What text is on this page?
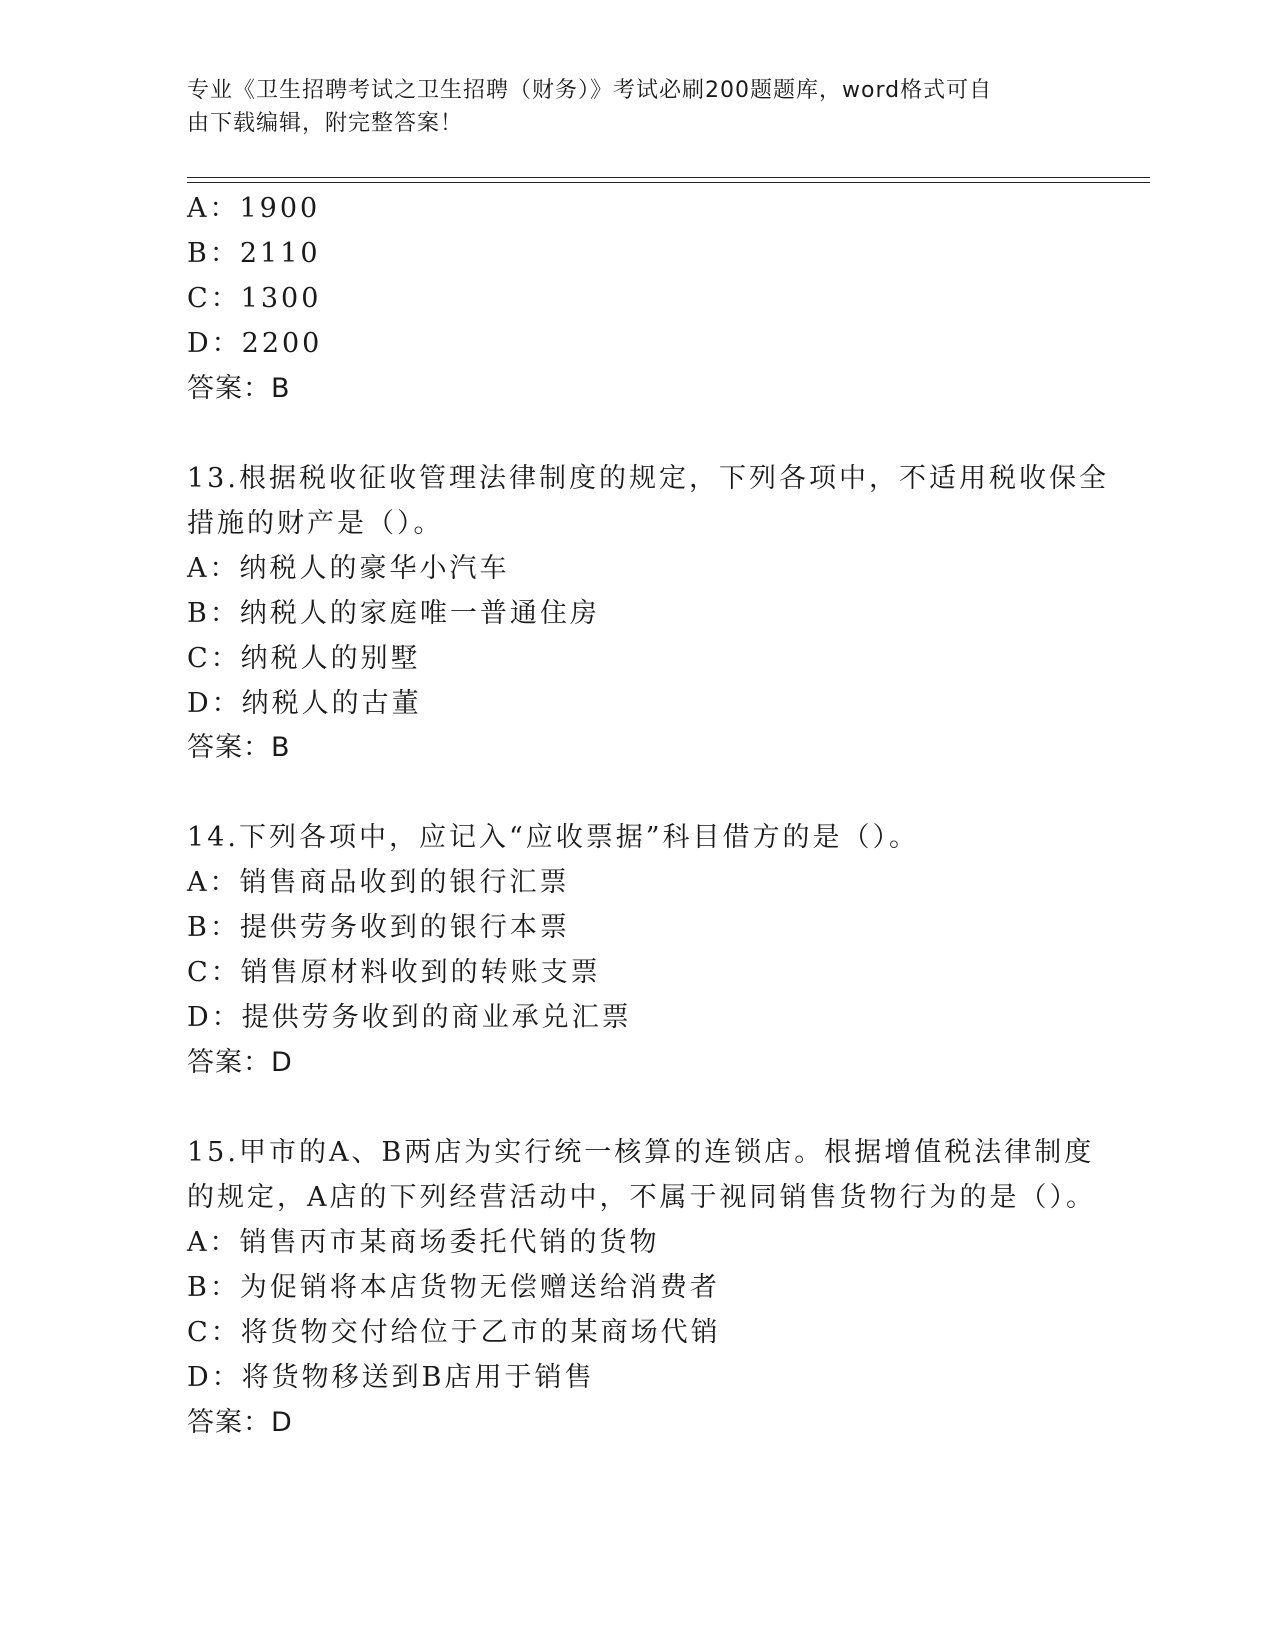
专业《卫生招聘考试之卫生招聘（财务）》考试必刷200题题库，word格式可自
由下载编辑，附完整答案！
A：1900
B：2110
C：1300
D：2200
答案：B
13.根据税收征收管理法律制度的规定，下列各项中，不适用税收保全
措施的财产是（）。
A：纳税人的豪华小汽车
B：纳税人的家庭唯一普通住房
C：纳税人的别墅
D：纳税人的古董
答案：B
14.下列各项中，应记入“应收票据”科目借方的是（）。
A：销售商品收到的银行汇票
B：提供劳务收到的银行本票
C：销售原材料收到的转账支票
D：提供劳务收到的商业承兑汇票
答案：D
15.甲市的A、B两店为实行统一核算的连锁店。根据增值税法律制度
的规定，A店的下列经营活动中，不属于视同销售货物行为的是（）。
A：销售丙市某商场委托代销的货物
B：为促销将本店货物无偿赠送给消费者
C：将货物交付给位于乙市的某商场代销
D：将货物移送到B店用于销售
答案：D
